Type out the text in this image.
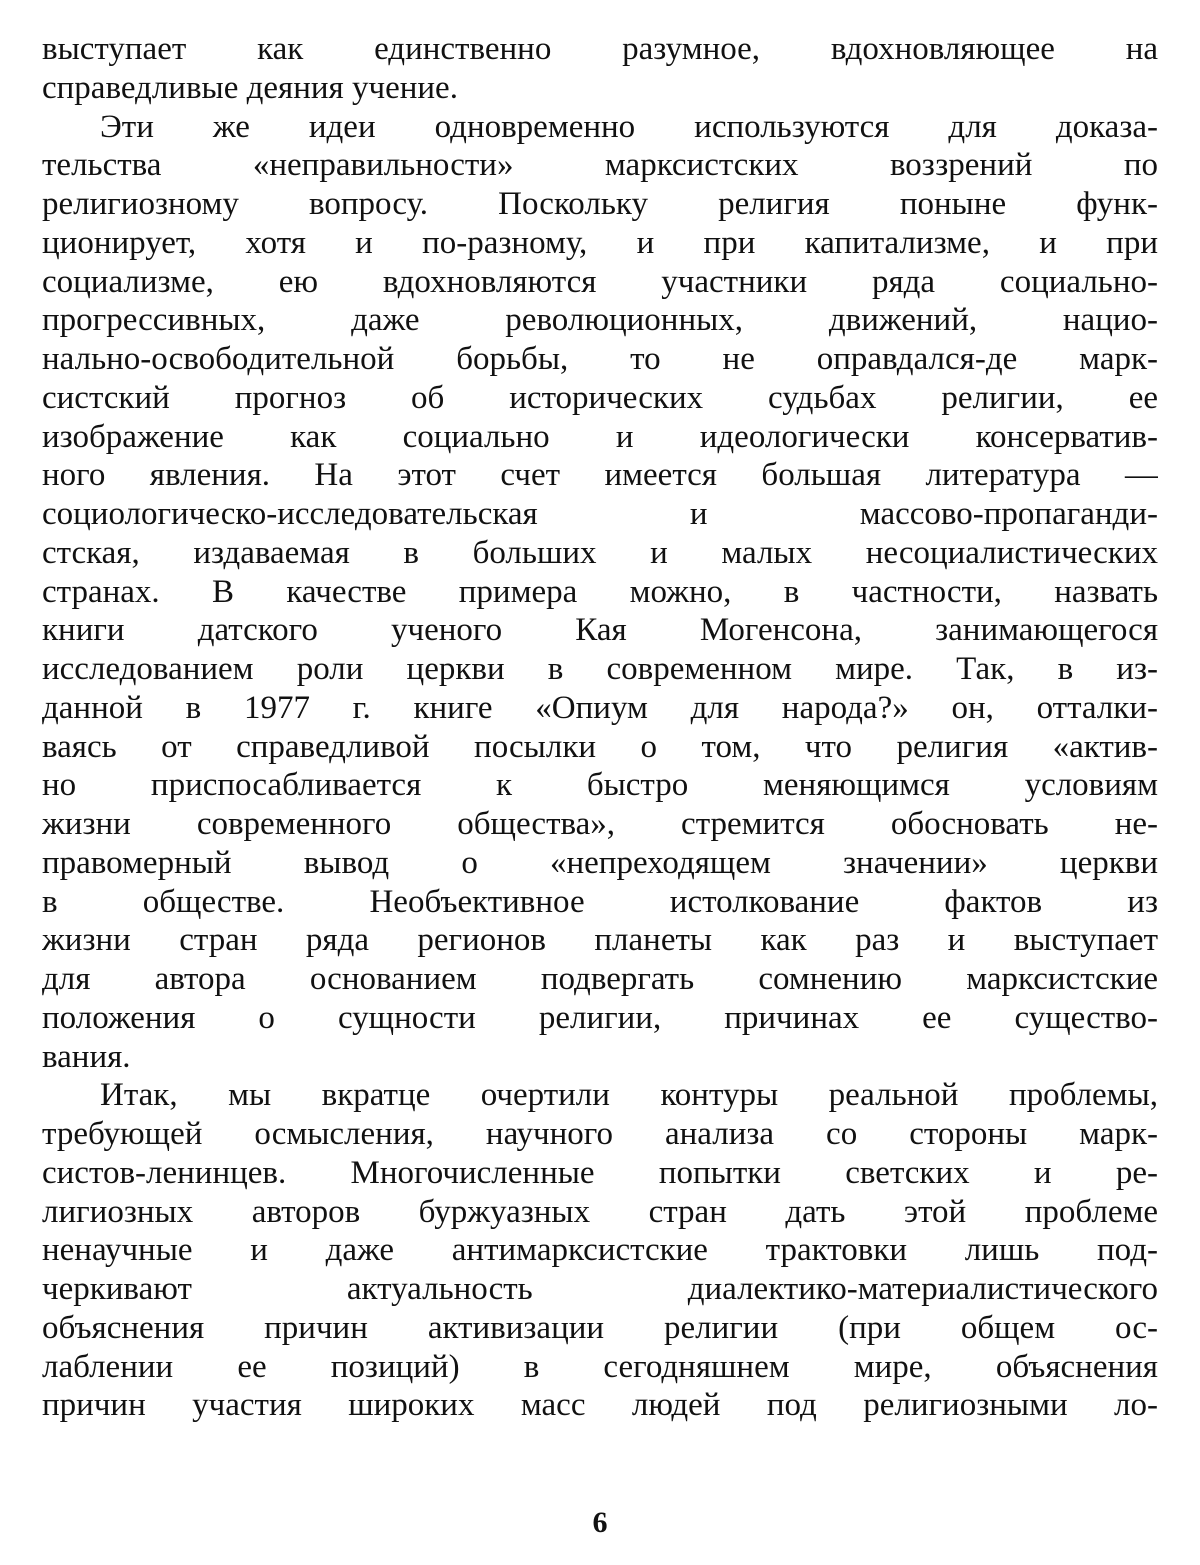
выступает как единственно разумное, вдохновляющее на
справедливые деяния учение.
Эти же идеи одновременно используются для доказа-
тельства «неправильности» марксистских воззрений по
религиозному вопросу. Поскольку религия поныне функ-
ционирует, хотя и по-разному, и при капитализме, и при
социализме, ею вдохновляются участники ряда социально-
прогрессивных, даже революционных, движений, нацио-
нально-освободительной борьбы, то не оправдался-де марк-
систский прогноз об исторических судьбах религии, ее
изображение как социально и идеологически консерватив-
ного явления. На этот счет имеется большая литература —
социологическо-исследовательская и массово-пропаганди-
стская, издаваемая в больших и малых несоциалистических
странах. В качестве примера можно, в частности, назвать
книги датского ученого Кая Могенсона, занимающегося
исследованием роли церкви в современном мире. Так, в из-
данной в 1977 г. книге «Опиум для народа?» он, отталки-
ваясь от справедливой посылки о том, что религия «актив-
но приспосабливается к быстро меняющимся условиям
жизни современного общества», стремится обосновать не-
правомерный вывод о «непреходящем значении» церкви
в обществе. Необъективное истолкование фактов из
жизни стран ряда регионов планеты как раз и выступает
для автора основанием подвергать сомнению марксистские
положения о сущности религии, причинах ее существо-
вания.
Итак, мы вкратце очертили контуры реальной проблемы,
требующей осмысления, научного анализа со стороны марк-
систов-ленинцев. Многочисленные попытки светских и ре-
лигиозных авторов буржуазных стран дать этой проблеме
ненаучные и даже антимарксистские трактовки лишь под-
черкивают актуальность диалектико-материалистического
объяснения причин активизации религии (при общем ос-
лаблении ее позиций) в сегодняшнем мире, объяснения
причин участия широких масс людей под религиозными ло-
6
